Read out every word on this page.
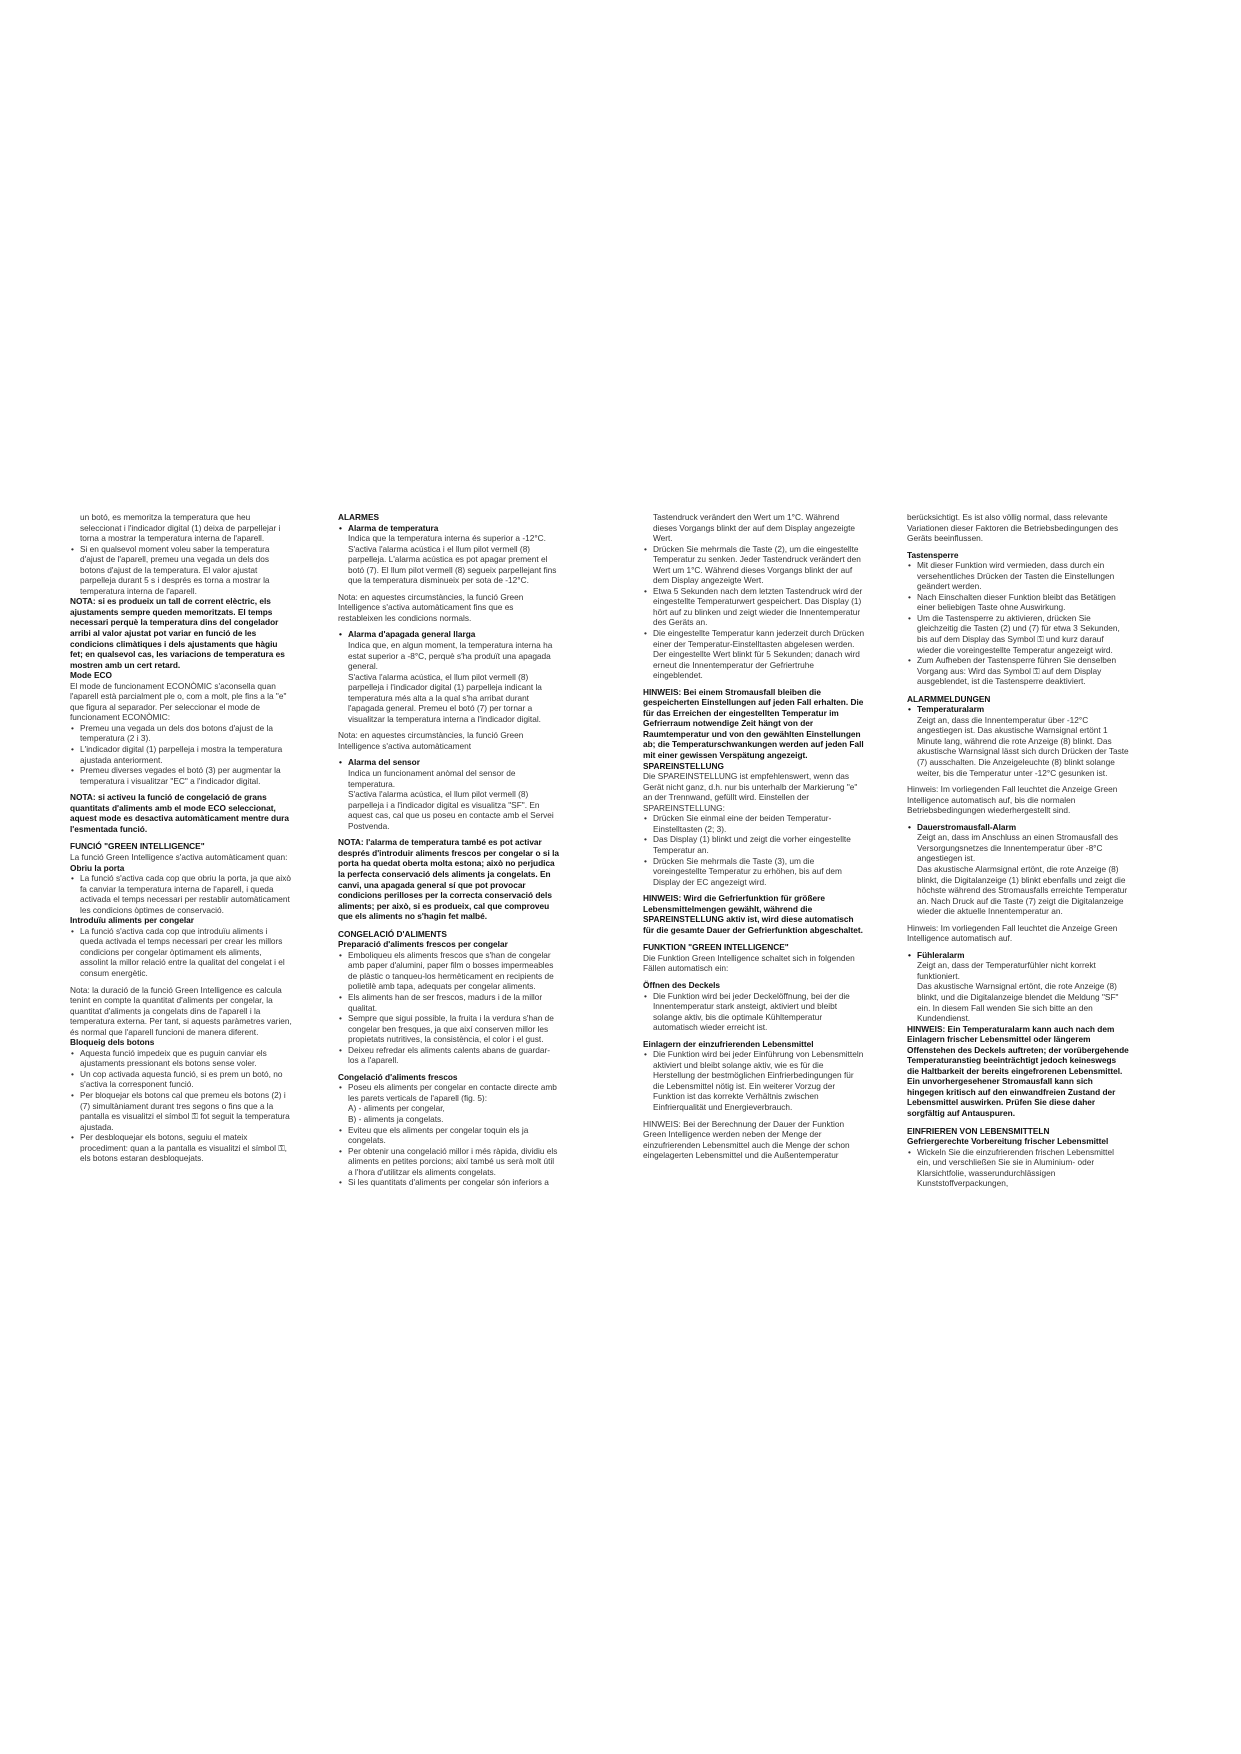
un botó, es memoritza la temperatura que heu seleccionat i l'indicador digital (1) deixa de parpellejar i torna a mostrar la temperatura interna de l'aparell.

• Si en qualsevol moment voleu saber la temperatura d'ajust de l'aparell, premeu una vegada un dels dos botons d'ajust de la temperatura. El valor ajustat parpelleja durant 5 s i després es torna a mostrar la temperatura interna de l'aparell.

NOTA: si es produeix un tall de corrent elèctric, els ajustaments sempre queden memoritzats. El temps necessari perquè la temperatura dins del congelador arribi al valor ajustat pot variar en funció de les condicions climàtiques i dels ajustaments que hàgiu fet; en qualsevol cas, les variacions de temperatura es mostren amb un cert retard.

Mode ECO

El mode de funcionament ECONÒMIC s'aconsella quan l'aparell està parcialment ple o, com a molt, ple fins a la "e" que figura al separador. Per seleccionar el mode de funcionament ECONÒMIC:

• Premeu una vegada un dels dos botons d'ajust de la temperatura (2 i 3).
• L'indicador digital (1) parpelleja i mostra la temperatura ajustada anteriorment.
• Premeu diverses vegades el botó (3) per augmentar la temperatura i visualitzar "EC" a l'indicador digital.

NOTA: si activeu la funció de congelació de grans quantitats d'aliments amb el mode ECO seleccionat, aquest mode es desactiva automàticament mentre dura l'esmentada funció.

FUNCIÓ "GREEN INTELLIGENCE"

La funció Green Intelligence s'activa automàticament quan:

Obriu la porta

• La funció s'activa cada cop que obriu la porta, ja que això fa canviar la temperatura interna de l'aparell, i queda activada el temps necessari per restablir automàticament les condicions òptimes de conservació.

Introduïu aliments per congelar

• La funció s'activa cada cop que introduïu aliments i queda activada el temps necessari per crear les millors condicions per congelar òptimament els aliments, assolint la millor relació entre la qualitat del congelat i el consum energètic.

Nota: la duració de la funció Green Intelligence es calcula tenint en compte la quantitat d'aliments per congelar, la quantitat d'aliments ja congelats dins de l'aparell i la temperatura externa. Per tant, si aquests paràmetres varien, és normal que l'aparell funcioni de manera diferent.

Bloqueig dels botons

• Aquesta funció impedeix que es puguin canviar els ajustaments pressionant els botons sense voler.
• Un cop activada aquesta funció, si es prem un botó, no s'activa la corresponent funció.
• Per bloquejar els botons cal que premeu els botons (2) i (7) simultàniament durant tres segons o fins que a la pantalla es visualitzi el símbol ⚿ fot seguit la temperatura ajustada.
• Per desbloquejar els botons, seguiu el mateix procediment: quan a la pantalla es visualitzi el símbol ⚿, els botons estaran desbloquejats.

ALARMES

• Alarma de temperatura

Indica que la temperatura interna és superior a -12°C. S'activa l'alarma acústica i el llum pilot vermell (8) parpelleja. L'alarma acústica es pot apagar prement el botó (7). El llum pilot vermell (8) segueix parpellejant fins que la temperatura disminueix per sota de -12°C.

Nota: en aquestes circumstàncies, la funció Green Intelligence s'activa automàticament fins que es restableixen les condicions normals.

• Alarma d'apagada general llarga

Indica que, en algun moment, la temperatura interna ha estat superior a -8°C, perquè s'ha produït una apagada general.

S'activa l'alarma acústica, el llum pilot vermell (8) parpelleja i l'indicador digital (1) parpelleja indicant la temperatura més alta a la qual s'ha arribat durant l'apagada general. Premeu el botó (7) per tornar a visualitzar la temperatura interna a l'indicador digital.

Nota: en aquestes circumstàncies, la funció Green Intelligence s'activa automàticament

• Alarma del sensor

Indica un funcionament anòmal del sensor de temperatura.

S'activa l'alarma acústica, el llum pilot vermell (8) parpelleja i a l'indicador digital es visualitza "SF". En aquest cas, cal que us poseu en contacte amb el Servei Postvenda.

NOTA: l'alarma de temperatura també es pot activar després d'introduir aliments frescos per congelar o si la porta ha quedat oberta molta estona; això no perjudica la perfecta conservació dels aliments ja congelats. En canvi, una apagada general sí que pot provocar condicions perilloses per la correcta conservació dels aliments; per això, si es produeix, cal que comproveu que els aliments no s'hagin fet malbé.

CONGELACIÓ D'ALIMENTS

Preparació d'aliments frescos per congelar

• Emboliqueu els aliments frescos que s'han de congelar amb paper d'alumini, paper film o bosses impermeables de plàstic o tanqueu-los hermèticament en recipients de polietilè amb tapa, adequats per congelar aliments.
• Els aliments han de ser frescos, madurs i de la millor qualitat.
• Sempre que sigui possible, la fruita i la verdura s'han de congelar ben fresques, ja que així conserven millor les propietats nutritives, la consistència, el color i el gust.
• Deixeu refredar els aliments calents abans de guardar-los a l'aparell.

Congelació d'aliments frescos

• Poseu els aliments per congelar en contacte directe amb les parets verticals de l'aparell (fig. 5):

A) - aliments per congelar,

B) - aliments ja congelats.

• Eviteu que els aliments per congelar toquin els ja congelats.
• Per obtenir una congelació millor i més ràpida, dividiu els aliments en petites porcions; així també us serà molt útil a l'hora d'utilitzar els aliments congelats.
• Si les quantitats d'aliments per congelar són inferiors a

Tastendruck verändert den Wert um 1°C. Während dieses Vorgangs blinkt der auf dem Display angezeigte Wert.

• Drücken Sie mehrmals die Taste (2), um die eingestellte Temperatur zu senken. Jeder Tastendruck verändert den Wert um 1°C. Während dieses Vorgangs blinkt der auf dem Display angezeigte Wert.
• Etwa 5 Sekunden nach dem letzten Tastendruck wird der eingestellte Temperaturwert gespeichert. Das Display (1) hört auf zu blinken und zeigt wieder die Innentemperatur des Geräts an.
• Die eingestellte Temperatur kann jederzeit durch Drücken einer der Temperatur-Einstelltasten abgelesen werden. Der eingestellte Wert blinkt für 5 Sekunden; danach wird erneut die Innentemperatur der Gefriertruhe eingeblendet.

HINWEIS: Bei einem Stromausfall bleiben die gespeicherten Einstellungen auf jeden Fall erhalten. Die für das Erreichen der eingestellten Temperatur im Gefrierraum notwendige Zeit hängt von der Raumtemperatur und von den gewählten Einstellungen ab; die Temperaturschwankungen werden auf jeden Fall mit einer gewissen Verspätung angezeigt.

SPAREINSTELLUNG

Die SPAREINSTELLUNG ist empfehlenswert, wenn das Gerät nicht ganz, d.h. nur bis unterhalb der Markierung "e" an der Trennwand, gefüllt wird. Einstellen der SPAREINSTELLUNG:

• Drücken Sie einmal eine der beiden Temperatur-Einstelltasten (2; 3).
• Das Display (1) blinkt und zeigt die vorher eingestellte Temperatur an.
• Drücken Sie mehrmals die Taste (3), um die voreingestellte Temperatur zu erhöhen, bis auf dem Display der EC angezeigt wird.

HINWEIS: Wird die Gefrierfunktion für größere Lebensmittelmengen gewählt, während die SPAREINSTELLUNG aktiv ist, wird diese automatisch für die gesamte Dauer der Gefrierfunktion abgeschaltet.

FUNKTION "GREEN INTELLIGENCE"

Die Funktion Green Intelligence schaltet sich in folgenden Fällen automatisch ein:

Öffnen des Deckels

• Die Funktion wird bei jeder Deckelöffnung, bei der die Innentemperatur stark ansteigt, aktiviert und bleibt solange aktiv, bis die optimale Kühltemperatur automatisch wieder erreicht ist.

Einlagern der einzufrierenden Lebensmittel

• Die Funktion wird bei jeder Einführung von Lebensmitteln aktiviert und bleibt solange aktiv, wie es für die Herstellung der bestmöglichen Einfrierbedingungen für die Lebensmittel nötig ist. Ein weiterer Vorzug der Funktion ist das korrekte Verhältnis zwischen Einfrierqualität und Energieverbrauch.

HINWEIS: Bei der Berechnung der Dauer der Funktion Green Intelligence werden neben der Menge der einzufrierenden Lebensmittel auch die Menge der schon eingelagerten Lebensmittel und die Außentemperatur

berücksichtigt. Es ist also völlig normal, dass relevante Variationen dieser Faktoren die Betriebsbedingungen des Geräts beeinflussen.

Tastensperre

• Mit dieser Funktion wird vermieden, dass durch ein versehentliches Drücken der Tasten die Einstellungen geändert werden.
• Nach Einschalten dieser Funktion bleibt das Betätigen einer beliebigen Taste ohne Auswirkung.
• Um die Tastensperre zu aktivieren, drücken Sie gleichzeitig die Tasten (2) und (7) für etwa 3 Sekunden, bis auf dem Display das Symbol ⚿ und kurz darauf wieder die voreingestellte Temperatur angezeigt wird.
• Zum Aufheben der Tastensperre führen Sie denselben Vorgang aus: Wird das Symbol ⚿ auf dem Display ausgeblendet, ist die Tastensperre deaktiviert.

ALARMMELDUNGEN

• Temperaturalarm

Zeigt an, dass die Innentemperatur über -12°C angestiegen ist. Das akustische Warnsignal ertönt 1 Minute lang, während die rote Anzeige (8) blinkt. Das akustische Warnsignal lässt sich durch Drücken der Taste (7) ausschalten. Die Anzeigeleuchte (8) blinkt solange weiter, bis die Temperatur unter -12°C gesunken ist.

Hinweis: Im vorliegenden Fall leuchtet die Anzeige Green Intelligence automatisch auf, bis die normalen Betriebsbedingungen wiederhergestellt sind.

• Dauerstromausfall-Alarm

Zeigt an, dass im Anschluss an einen Stromausfall des Versorgungsnetzes die Innentemperatur über -8°C angestiegen ist.

Das akustische Alarmsignal ertönt, die rote Anzeige (8) blinkt, die Digitalanzeige (1) blinkt ebenfalls und zeigt die höchste während des Stromausfalls erreichte Temperatur an. Nach Druck auf die Taste (7) zeigt die Digitalanzeige wieder die aktuelle Innentemperatur an.

Hinweis: Im vorliegenden Fall leuchtet die Anzeige Green Intelligence automatisch auf.

• Fühleralarm

Zeigt an, dass der Temperaturfühler nicht korrekt funktioniert.

Das akustische Warnsignal ertönt, die rote Anzeige (8) blinkt, und die Digitalanzeige blendet die Meldung "SF" ein. In diesem Fall wenden Sie sich bitte an den Kundendienst.

HINWEIS: Ein Temperaturalarm kann auch nach dem Einlagern frischer Lebensmittel oder längerem Offenstehen des Deckels auftreten; der vorübergehende Temperaturanstieg beeinträchtigt jedoch keineswegs die Haltbarkeit der bereits eingefrorenen Lebensmittel. Ein unvorhergesehener Stromausfall kann sich hingegen kritisch auf den einwandfreien Zustand der Lebensmittel auswirken. Prüfen Sie diese daher sorgfältig auf Antauspuren.

EINFRIEREN VON LEBENSMITTELN

Gefriergerechte Vorbereitung frischer Lebensmittel

• Wickeln Sie die einzufrierenden frischen Lebensmittel ein, und verschließen Sie sie in Aluminium- oder Klarsichtfolie, wasserundurchlässigen Kunststoffverpackungen,
